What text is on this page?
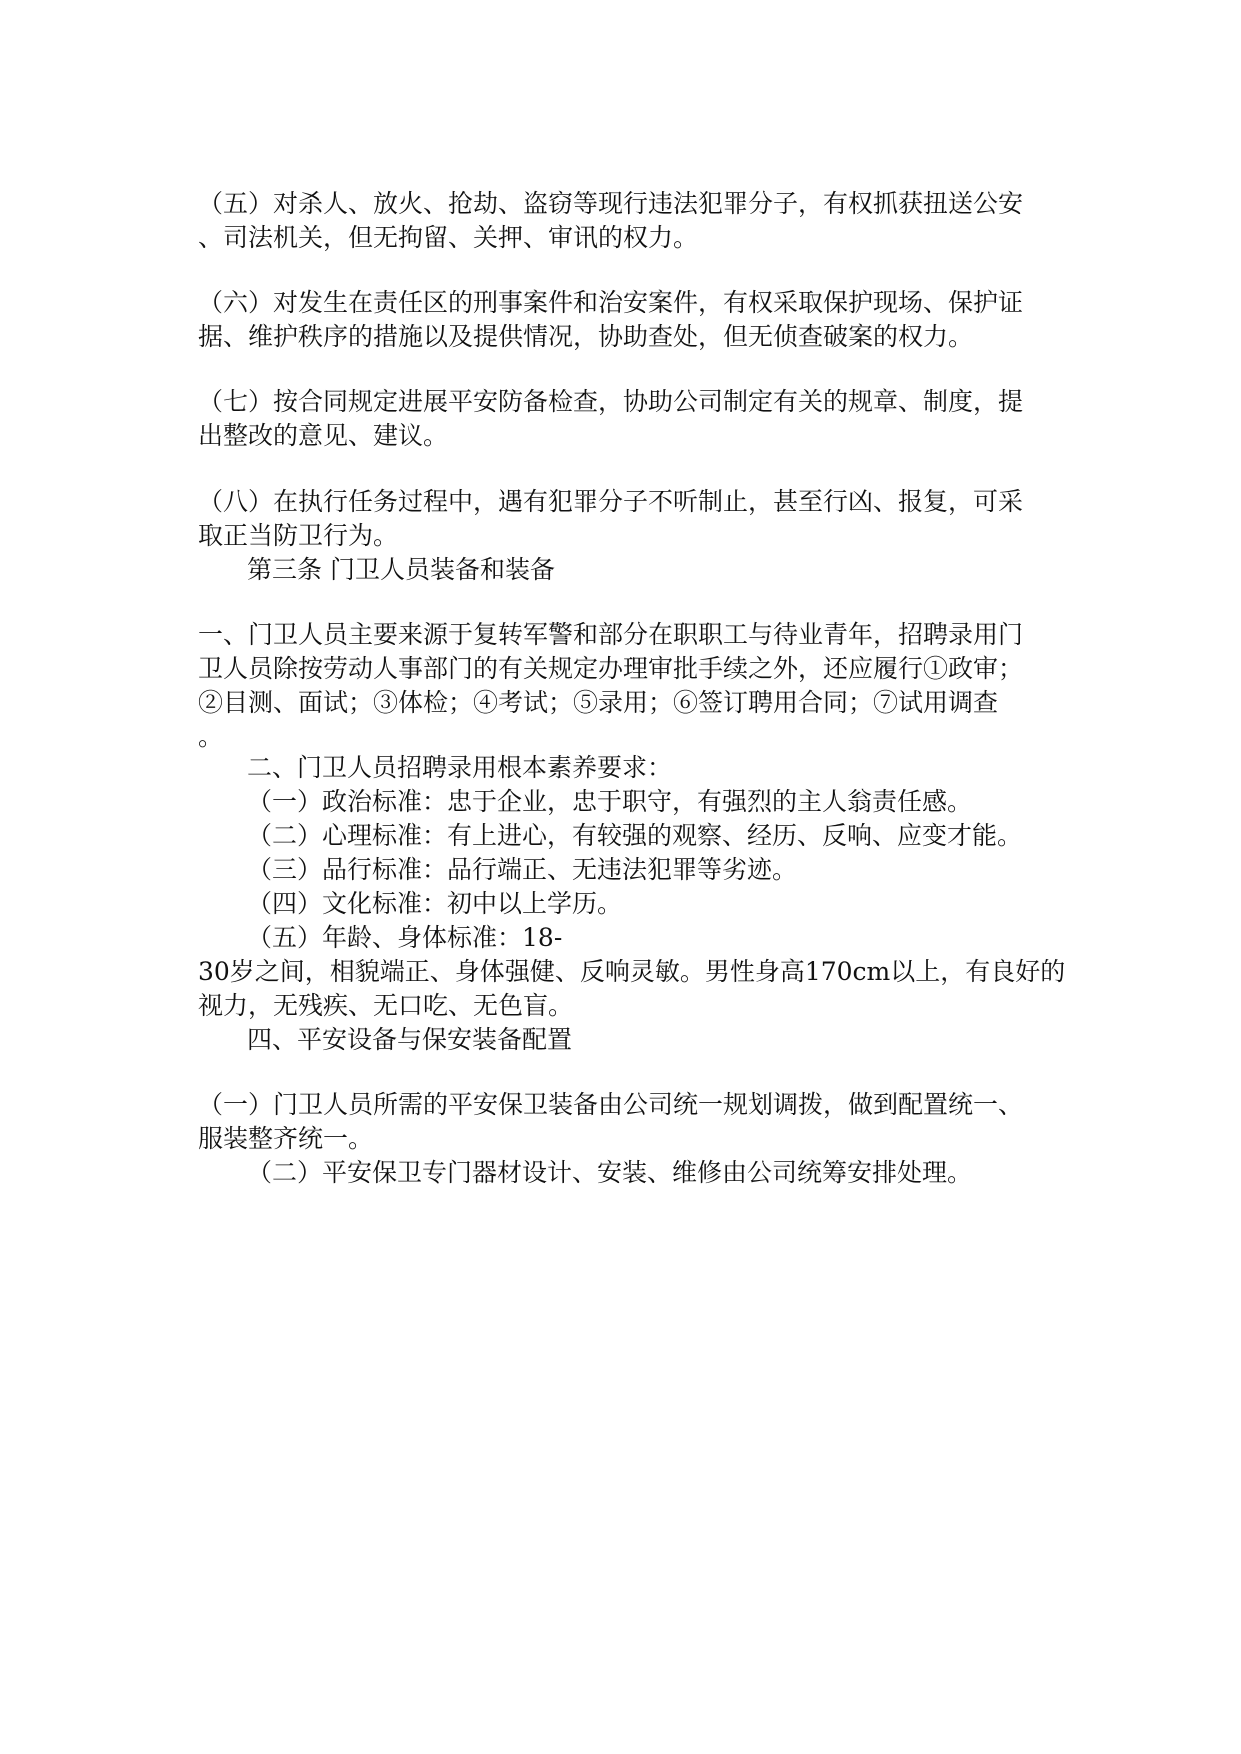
（五）对杀人、放火、抢劫、盗窃等现行违法犯罪分子，有权抓获扭送公安
、司法机关，但无拘留、关押、审讯的权力。
（六）对发生在责任区的刑事案件和治安案件，有权采取保护现场、保护证
据、维护秩序的措施以及提供情况，协助查处，但无侦查破案的权力。
（七）按合同规定进展平安防备检查，协助公司制定有关的规章、制度，提
出整改的意见、建议。
（八）在执行任务过程中，遇有犯罪分子不听制止，甚至行凶、报复，可采
取正当防卫行为。
第三条 门卫人员装备和装备
一、门卫人员主要来源于复转军警和部分在职职工与待业青年，招聘录用门
卫人员除按劳动人事部门的有关规定办理审批手续之外，还应履行①政审；
②目测、面试；③体检；④考试；⑤录用；⑥签订聘用合同；⑦试用调查
。
二、门卫人员招聘录用根本素养要求：
（一）政治标准：忠于企业，忠于职守，有强烈的主人翁责任感。
（二）心理标准：有上进心，有较强的观察、经历、反响、应变才能。
（三）品行标准：品行端正、无违法犯罪等劣迹。
（四）文化标准：初中以上学历。
（五）年龄、身体标准：18-
30岁之间，相貌端正、身体强健、反响灵敏。男性身高170cm以上，有良好的
视力，无残疾、无口吃、无色盲。
四、平安设备与保安装备配置
（一）门卫人员所需的平安保卫装备由公司统一规划调拨，做到配置统一、
服装整齐统一。
（二）平安保卫专门器材设计、安装、维修由公司统筹安排处理。
